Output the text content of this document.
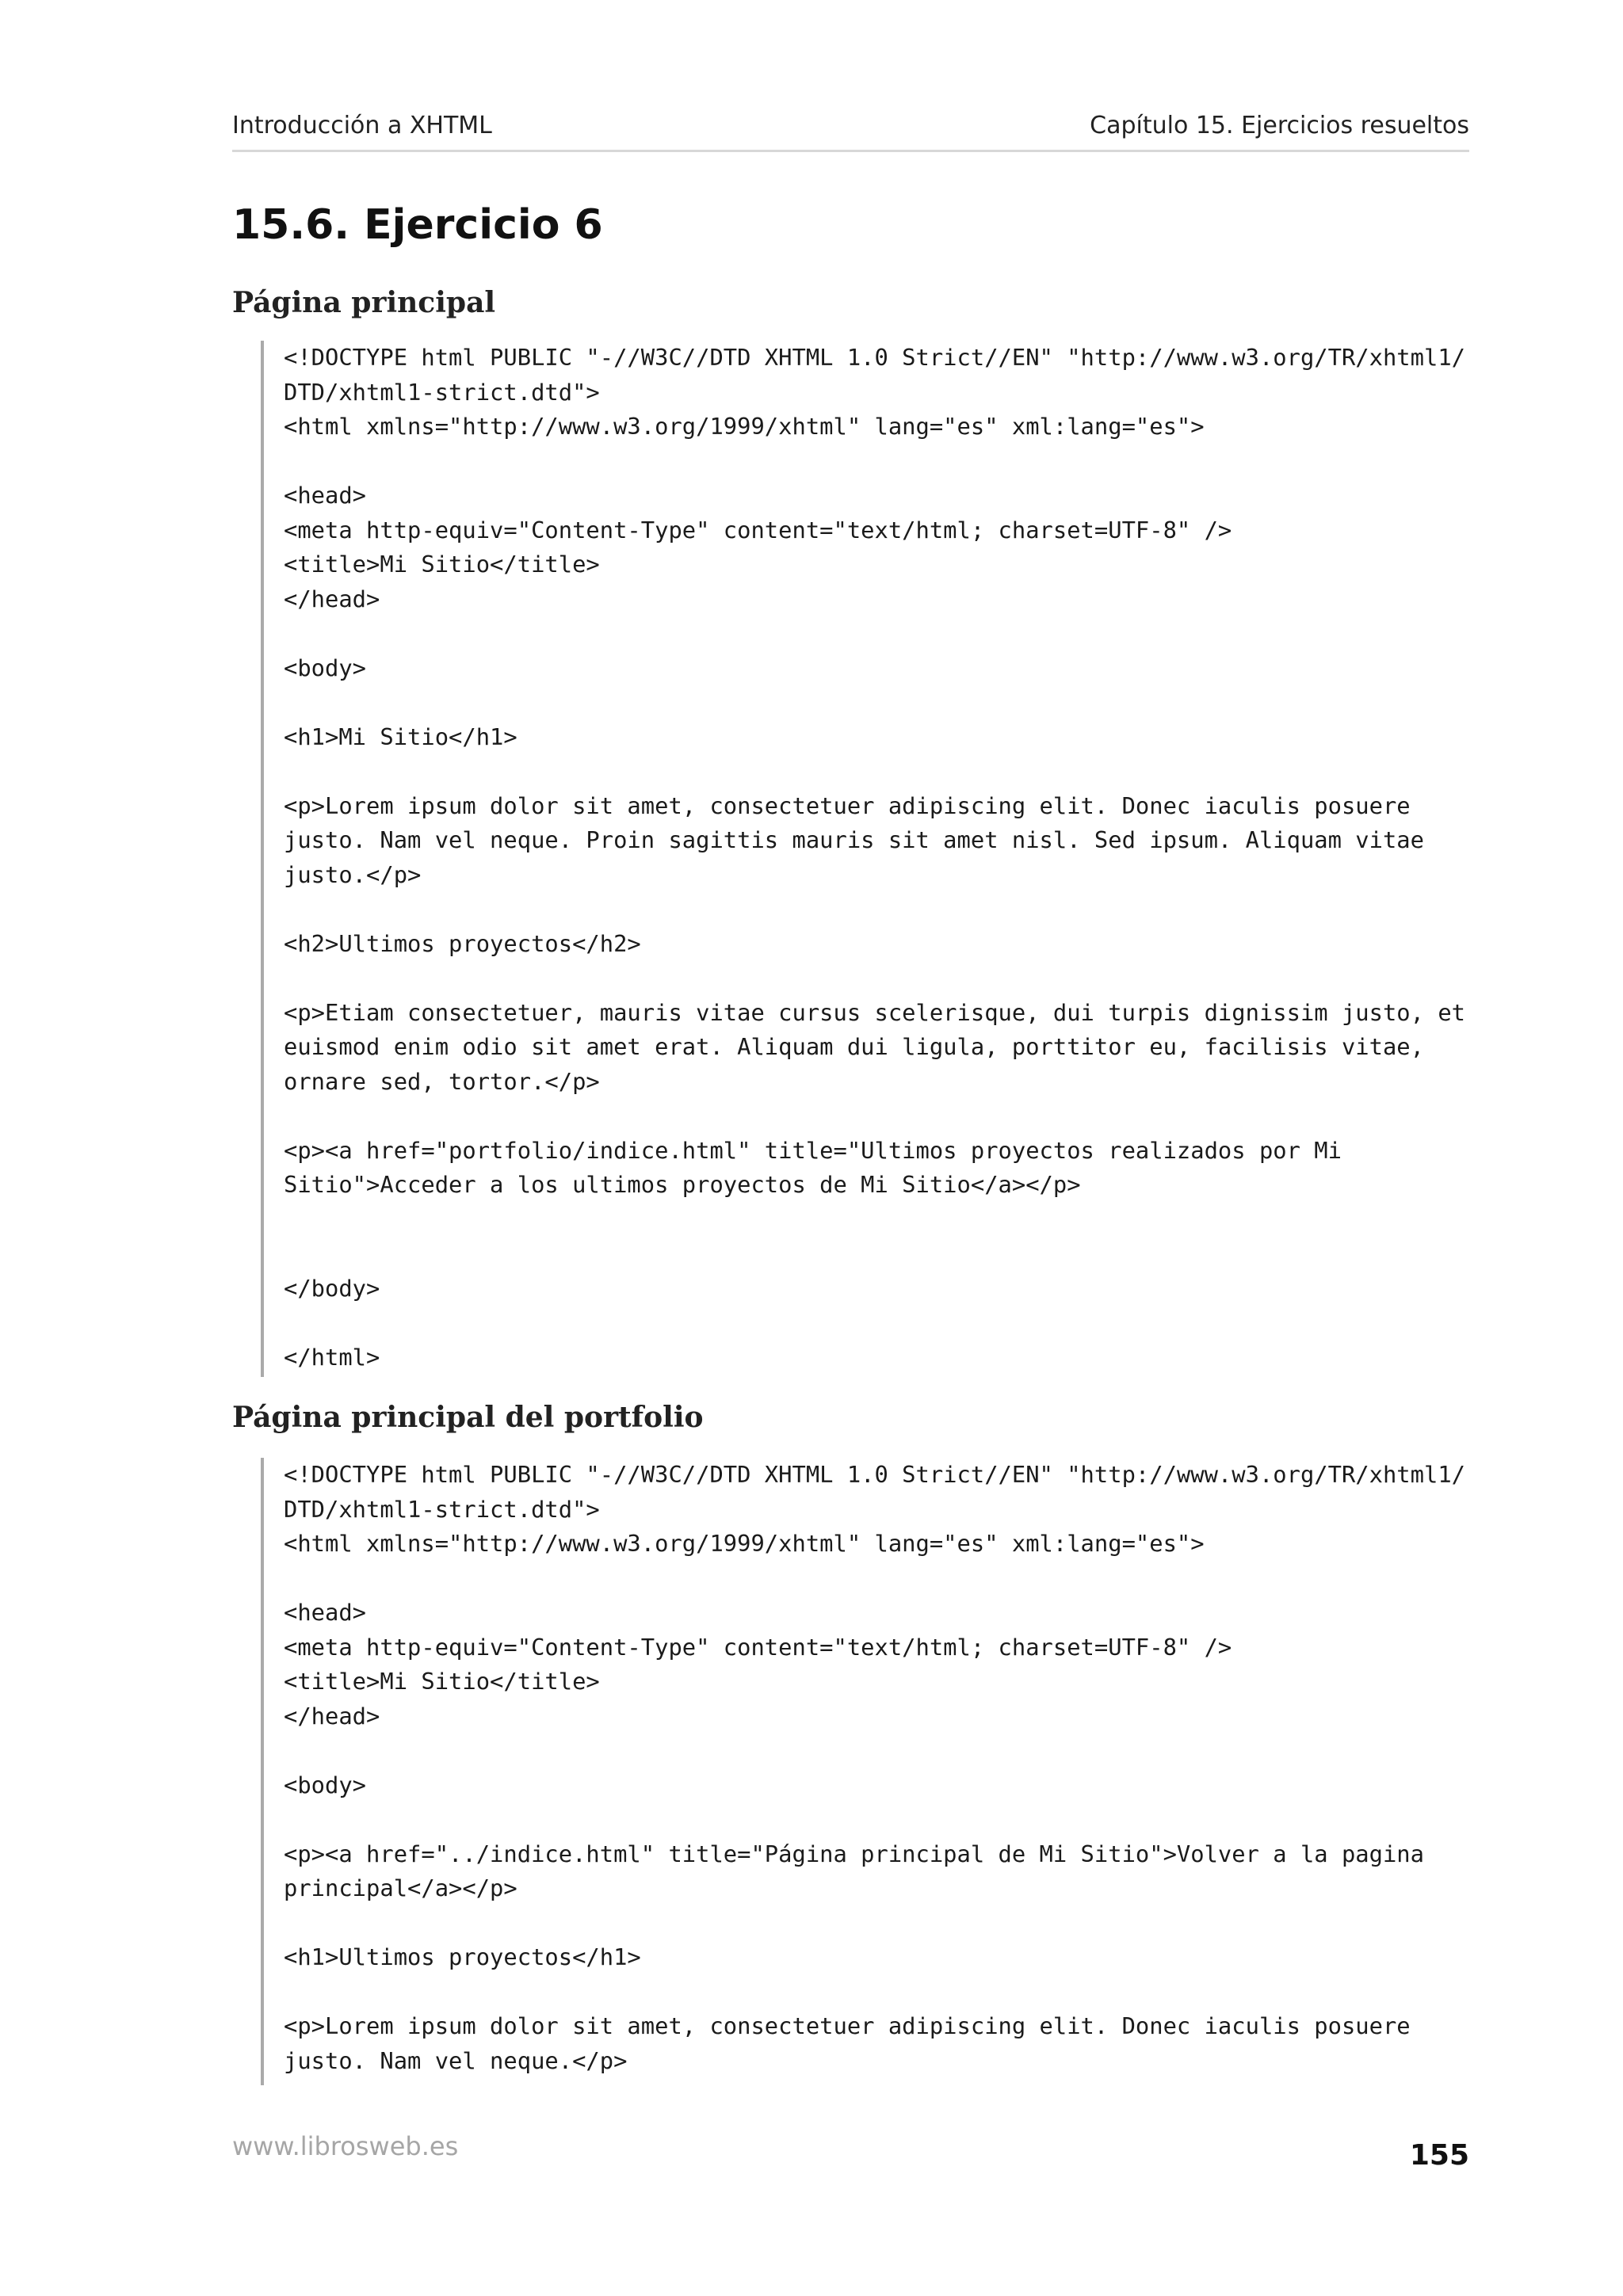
Introducción a XHTML	Capítulo 15. Ejercicios resueltos
15.6. Ejercicio 6
Página principal
<!DOCTYPE html PUBLIC "-//W3C//DTD XHTML 1.0 Strict//EN" "http://www.w3.org/TR/xhtml1/
DTD/xhtml1-strict.dtd">
<html xmlns="http://www.w3.org/1999/xhtml" lang="es" xml:lang="es">

<head>
<meta http-equiv="Content-Type" content="text/html; charset=UTF-8" />
<title>Mi Sitio</title>
</head>

<body>

<h1>Mi Sitio</h1>

<p>Lorem ipsum dolor sit amet, consectetuer adipiscing elit. Donec iaculis posuere
justo. Nam vel neque. Proin sagittis mauris sit amet nisl. Sed ipsum. Aliquam vitae
justo.</p>

<h2>Ultimos proyectos</h2>

<p>Etiam consectetuer, mauris vitae cursus scelerisque, dui turpis dignissim justo, et
euismod enim odio sit amet erat. Aliquam dui ligula, porttitor eu, facilisis vitae,
ornare sed, tortor.</p>

<p><a href="portfolio/indice.html" title="Ultimos proyectos realizados por Mi
Sitio">Acceder a los ultimos proyectos de Mi Sitio</a></p>

</body>

</html>
Página principal del portfolio
<!DOCTYPE html PUBLIC "-//W3C//DTD XHTML 1.0 Strict//EN" "http://www.w3.org/TR/xhtml1/
DTD/xhtml1-strict.dtd">
<html xmlns="http://www.w3.org/1999/xhtml" lang="es" xml:lang="es">

<head>
<meta http-equiv="Content-Type" content="text/html; charset=UTF-8" />
<title>Mi Sitio</title>
</head>

<body>

<p><a href="../indice.html" title="Página principal de Mi Sitio">Volver a la pagina
principal</a></p>

<h1>Ultimos proyectos</h1>

<p>Lorem ipsum dolor sit amet, consectetuer adipiscing elit. Donec iaculis posuere
justo. Nam vel neque.</p>
www.librosweb.es	155
